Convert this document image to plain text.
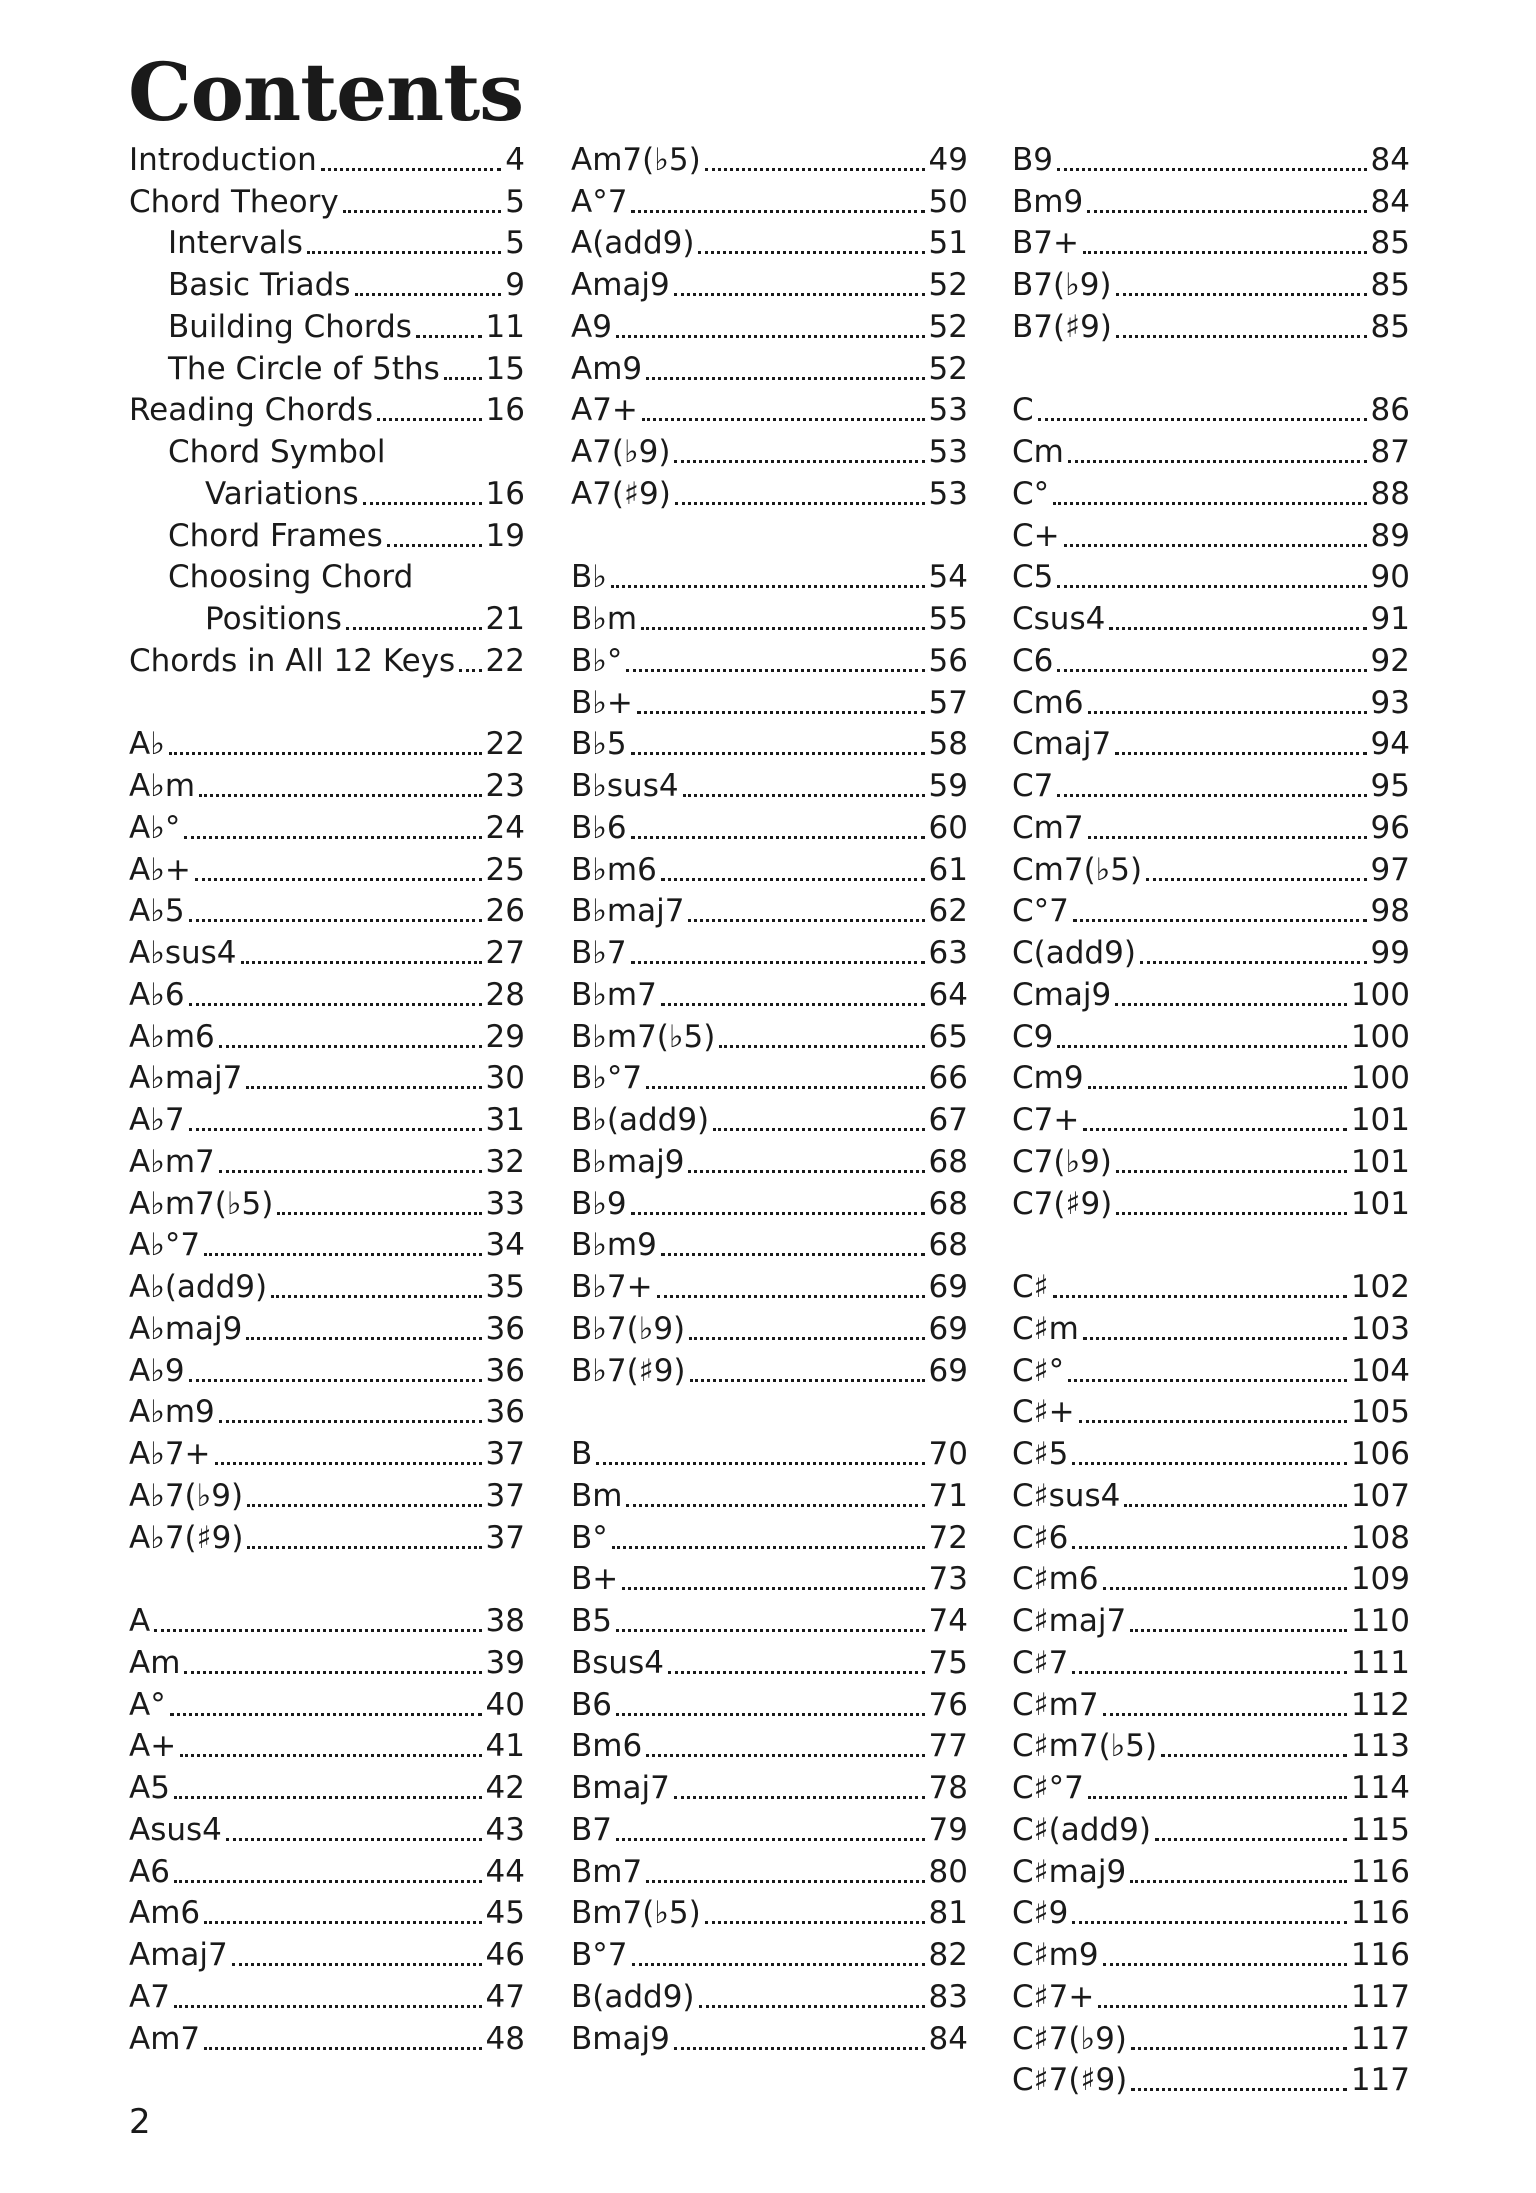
Contents
Introduction	4
Chord Theory	5
Intervals	5
Basic Triads	9
Building Chords 11
The Circle of 5ths 15
Reading Chords	16
Chord Symbol
Variations	16
Chord Frames	19
Choosing Chord
Positions	21
Chords in All 12 Keys 22
A♭	22
A♭m	23
A♭°	24
A♭+	25
A♭5	26
A♭sus4	27
A♭6	28
A♭m6	29
A♭maj7	30
A♭7	31
A♭m7	32
A♭m7(♭5)	33
A♭°7	34
A♭(add9)	35
A♭maj9	36
A♭9	36
A♭m9	36
A♭7+	37
A♭7(♭9)	37
A♭7(♯9)	37
A	38
Am	39
A°	40
A+	41
A5	42
Asus4	43
A6	44
Am6	45
Amaj7	46
A7	47
Am7	48
Am7(♭5)	49
A°7	50
A(add9)	51
Amaj9	52
A9	52
Am9	52
A7+	53
A7(♭9)	53
A7(♯9)	53
B♭	54
B♭m	55
B♭°	56
B♭+	57
B♭5	58
B♭sus4	59
B♭6	60
B♭m6	61
B♭maj7	62
B♭7	63
B♭m7	64
B♭m7(♭5)	65
B♭°7	66
B♭(add9)	67
B♭maj9	68
B♭9	68
B♭m9	68
B♭7+	69
B♭7(♭9)	69
B♭7(♯9)	69
B	70
Bm	71
B°	72
B+	73
B5	74
Bsus4	75
B6	76
Bm6	77
Bmaj7	78
B7	79
Bm7	80
Bm7(♭5)	81
B°7	82
B(add9)	83
Bmaj9	84
B9	84
Bm9	84
B7+	85
B7(♭9)	85
B7(♯9)	85
C	86
Cm	87
C°	88
C+	89
C5	90
Csus4	91
C6	92
Cm6	93
Cmaj7	94
C7	95
Cm7	96
Cm7(♭5)	97
C°7	98
C(add9)	99
Cmaj9	100
C9	100
Cm9	100
C7+	101
C7(♭9)	101
C7(♯9)	101
C♯	102
C♯m	103
C♯°	104
C♯+	105
C♯5	106
C♯sus4	107
C♯6	108
C♯m6	109
C♯maj7	110
C♯7	111
C♯m7	112
C♯m7(♭5)	113
C♯°7	114
C♯(add9)	115
C♯maj9	116
C♯9	116
C♯m9	116
C♯7+	117
C♯7(♭9)	117
C♯7(♯9)	117
2
